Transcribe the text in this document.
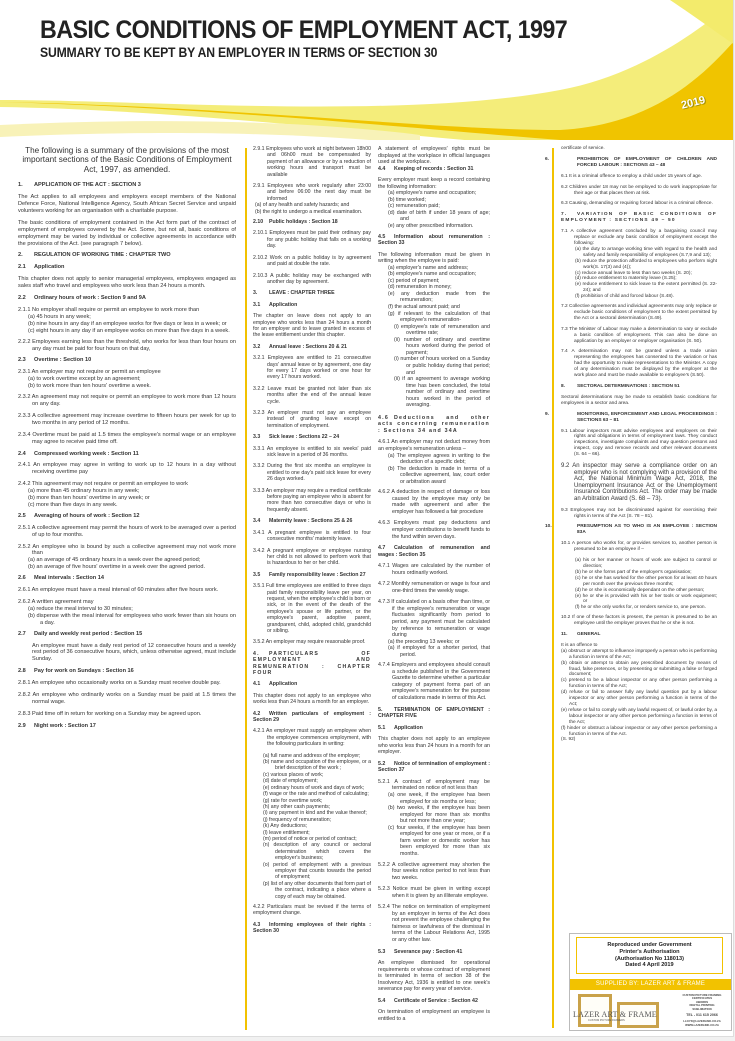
BASIC CONDITIONS OF EMPLOYMENT ACT, 1997
SUMMARY TO BE KEPT BY AN EMPLOYER IN TERMS OF SECTION 30
2019

The following is a summary of the provisions of the most important sections of the Basic Conditions of Employment Act, 1997, as amended.

1. APPLICATION OF THE ACT : SECTION 3

The Act applies to all employees and employers except members of the National Defence Force, National Intelligence Agency, South African Secret Service and unpaid volunteers working for an organisation with a charitable purpose.

The basic conditions of employment contained in the Act form part of the contract of employment of employees covered by the Act. Some, but not all, basic conditions of employment may be varied by individual or collective agreements in accordance with the provisions of the Act. (see paragraph 7 below).

2. REGULATION OF WORKING TIME : CHAPTER TWO
2.1 Application

This chapter does not apply to senior managerial employees, employees engaged as sales staff who travel and employees who work less than 24 hours a month.

2.2 Ordinary hours of work : Section 9 and 9A
2.1.1 No employer shall require or permit an employee to work more than

(a) 45 hours in any week;

(b) nine hours in any day if an employee works for five days or less in a week; or

(c) eight hours in any day if an employee works on more than five days in a week.

2.2.2 Employees earning less than the threshold, who works for less than four hours on any day must be paid for four hours on that day,
2.3 Overtime : Section 10

2.3.1 An employer may not require or permit an employee

(a) to work overtime except by an agreement;

(b) to work more than ten hours' overtime a week.

2.3.2 An agreement may not require or permit an employee to work more than 12 hours on any day.
2.3.3 A collective agreement may increase overtime to fifteen hours per week for up to two months in any period of 12 months.
2.3.4 Overtime must be paid at 1.5 times the employee's normal wage or an employee may agree to receive paid time off.
2.4 Compressed working week : Section 11
2.4.1 An employee may agree in writing to work up to 12 hours in a day without receiving overtime pay
2.4.2 This agreement may not require or permit an employee to work

(a) more than 45 ordinary hours in any week;

(b) more than ten hours' overtime in any week; or

(c) more than five days in any week.

2.5 Averaging of hours of work : Section 12
2.5.1 A collective agreement may permit the hours of work to be averaged over a period of up to four months.
2.5.2 An employee who is bound by such a collective agreement may not work more than

(a) an average of 45 ordinary hours in a week over the agreed period;

(b) an average of five hours' overtime in a week over the agreed period.

2.6 Meal intervals : Section 14
2.6.1 An employee must have a meal interval of 60 minutes after five hours work.
2.6.2 A written agreement may

(a) reduce the meal interval to 30 minutes;

(b) dispense with the meal interval for employees who work fewer than six hours on a day.

2.7 Daily and weekly rest period : Section 15

An employee must have a daily rest period of 12 consecutive hours and a weekly rest period of 36 consecutive hours, which, unless otherwise agreed, must include Sunday.

2.8 Pay for work on Sundays : Section 16
2.8.1 An employee who occasionally works on a Sunday must receive double pay.
2.8.2 An employee who ordinarily works on a Sunday must be paid at 1.5 times the normal wage.
2.8.3 Paid time off in return for working on a Sunday may be agreed upon.
2.9 Night work : Section 17
2.9.1 Employees who work at night between 18h00 and 06h00 must be compensated by payment of an allowance or by a reduction of working hours and transport must be available
2.9.1 Employees who work regularly after 23:00 and before 06:00 the next day must be informed

(a) of any health and safety hazards; and

(b) the right to undergo a medical examination.

2.10 Public holidays : Section 18
2.10.1 Employees must be paid their ordinary pay for any public holiday that falls on a working day.
2.10.2 Work on a public holiday is by agreement and paid at double the rate.
2.10.3 A public holiday may be exchanged with another day by agreement.
3. LEAVE : CHAPTER THREE
3.1 Application

The chapter on leave does not apply to an employee who works less than 24 hours a month for an employer and to leave granted in excess of the leave entitlement under this chapter.

3.2 Annual leave : Sections 20 & 21
3.2.1 Employees are entitled to 21 consecutive days' annual leave or by agreement, one day for every 17 days worked or one hour for every 17 hours worked.
3.2.2 Leave must be granted not later than six months after the end of the annual leave cycle.
3.2.3 An employer must not pay an employee instead of granting leave except on termination of employment.
3.3 Sick leave : Sections 22 – 24
3.3.1 An employee is entitled to six weeks' paid sick leave in a period of 36 months.
3.3.2 During the first six months an employee is entitled to one day's paid sick leave for every 26 days worked.
3.3.3 An employer may require a medical certificate before paying an employee who is absent for more than two consecutive days or who is frequently absent.
3.4 Maternity leave : Sections 25 & 26
3.4.1 A pregnant employee is entitled to four consecutive months' maternity leave.
3.4.2 A pregnant employee or employee nursing her child is not allowed to perform work that is hazardous to her or her child.
3.5 Family responsibility leave : Section 27
3.5.1 Full time employees are entitled to three days paid family responsibility leave per year, on request, when the employee's child is born or sick, or in the event of the death of the employee's spouse or life partner, or the employee's parent, adoptive parent, grandparent, child, adopted child, grandchild or sibling.
3.5.2 An employer may require reasonable proof.
4. PARTICULARS OF EMPLOYMENT AND REMUNERATION : CHAPTER FOUR
4.1 Application

This chapter does not apply to an employee who works less than 24 hours a month for an employer.

4.2 Written particulars of employment : Section 29
4.2.1 An employer must supply an employee when the employee commences employment, with the following particulars in writing:

(a) full name and address of the employer;

(b) name and occupation of the employee, or a brief description of the work ;

(c) various places of work;

(d) date of employment;

(e) ordinary hours of work and days of work;

(f) wage or the rate and method of calculating;

(g) rate for overtime work;

(h) any other cash payments;

(i) any payment in kind and the value thereof;

(j) frequency of remuneration;

(k) Any deductions;

(l) leave entitlement;

(m) period of notice or period of contract;

(n) description of any council or sectoral determination which covers the employer's business;

(o) period of employment with a previous employer that counts towards the period of employment;

(p) list of any other documents that form part of the contract, indicating a place where a copy of each may be obtained.

4.2.2 Particulars must be revised if the terms of employment change.

4.3 Informing employees of their rights : Section 30

A statement of employees' rights must be displayed at the workplace in official languages used at the workplace.

4.4 Keeping of records : Section 31

Every employer must keep a record containing the following information:

(a) employee's name and occupation;

(b) time worked;

(c) remuneration paid;

(d) date of birth if under 18 years of age; and

(e) any other prescribed information.

4.5 Information about remuneration : Section 33

The following information must be given in writing when the employee is paid:

(a) employer's name and address;

(b) employee's name and occupation;

(c) period of payment;

(d) remuneration in money;

(e) any deduction made from the remuneration;

(f) the actual amount paid; and

(g) if relevant to the calculation of that employee's remuneration-

(i) employee's rate of remuneration and overtime rate;

(ii) number of ordinary and overtime hours worked during the period of payment;

(i) number of hours worked on a Sunday or public holiday during that period; and

(ii) if an agreement to average working time has been concluded, the total number of ordinary and overtime hours worked in the period of averaging.

4.6 Deductions and other acts concerning remuneration : Sections 34 and 34A

4.6.1 An employer may not deduct money from an employee's remuneration unless –

(a) The employee agrees in writing to the deduction of a specific debt;

(b) The deduction is made in terms of a collective agreement, law, court order or arbitration award

4.6.2 A deduction in respect of damage or loss caused by the employee may only be made with agreement and after the employer has followed a fair procedure
4.6.3 Employers must pay deductions and employer contributions to benefit funds to the fund within seven days.
4.7 Calculation of remuneration and wages : Section 35
4.7.1 Wages are calculated by the number of hours ordinarily worked.
4.7.2 Monthly remuneration or wage is four and one-third times the weekly wage.
4.7.3 If calculated on a basis other than time, or if the employee's remuneration or wage fluctuates significantly from period to period, any payment must be calculated by reference to remuneration or wage during

(a) the preceding 13 weeks; or

(a) if employed for a shorter period, that period.

4.7.4 Employers and employees should consult a schedule published in the Government Gazette to determine whether a particular category of payment forms part of an employee's remuneration for the purpose of calculations made in terms of this Act.
5. TERMINATION OF EMPLOYMENT : CHAPTER FIVE
5.1 Application

This chapter does not apply to an employee who works less than 24 hours in a month for an employer.

5.2 Notice of termination of employment : Section 37
5.2.1 A contract of employment may be terminated on notice of not less than

(a) one week, if the employee has been employed for six months or less;

(b) two weeks, if the employee has been employed for more than six months but not more than one year;

(c) four weeks, if the employee has been employed for one year or more, or if a farm worker or domestic worker has been employed for more than six months.

5.2.2 A collective agreement may shorten the four weeks notice period to not less than two weeks.
5.2.3 Notice must be given in writing except when it is given by an illiterate employee.
5.2.4 The notice on termination of employment by an employer in terms of the Act does not prevent the employee challenging the fairness or lawfulness of the dismissal in terms of the Labour Relations Act, 1995 or any other law.
5.3 Severance pay : Section 41

An employee dismissed for operational requirements or whose contract of employment is terminated in terms of section 38 of the Insolvency Act, 1936 is entitled to one week's severance pay for every year of service.

5.4 Certificate of Service : Section 42

On termination of employment an employee is entitled to a

certificate of service.

6.	PROHIBITION OF EMPLOYMENT OF CHILDREN AND FORCED LABOUR : SECTIONS 43 – 48
6.1 It is a criminal offence to employ a child under 15 years of age.
6.2 Children under 18 may not be employed to do work inappropriate for their age or that places them at risk.
6.3 Causing, demanding or requiring forced labour is a criminal offence.
7. VARIATION OF BASIC CONDITIONS OF EMPLOYMENT : SECTIONS 49 – 50
7.1 A collective agreement concluded by a bargaining council may replace or exclude any basic condition of employment except the following:

(a) the duty to arrange working time with regard to the health and safety and family responsibility of employees (S.7,9 and 13);

(b) reduce the protection afforded to employees who perform night work(S. 17(3) and (4));

(c) reduce annual leave to less than two weeks (S. 20);

(d) reduce entitlement to maternity leave (S.25);

(e) reduce entitlement to sick leave to the extent permitted (S. 22-24); and

(f) prohibition of child and forced labour (S.48).

7.2 Collective agreements and individual agreements may only replace or exclude basic conditions of employment to the extent permitted by the Act or a sectoral determination (S.49).
7.3 The Minister of Labour may make a determination to vary or exclude a basic condition of employment. This can also be done on application by an employer or employer organisation (S. 50).
7.4 A determination may not be granted unless a trade union representing the employees has consented to the variation or has had the opportunity to make representations to the Minister. A copy of any determination must be displayed by the employer at the work place and must be made available to employee's (S.50).
8. SECTORAL DETERMINATIONS : SECTION 51

Sectoral determinations may be made to establish basic conditions for employees in a sector and area.

9.	MONITORING, ENFORCEMENT AND LEGAL PROCEEDINGS : SECTIONS 63 – 81
9.1 Labour inspectors must advise employees and employers on their rights and obligations in terms of employment laws. They conduct inspections, investigate complaints and may question persons and inspect, copy and remove records and other relevant documents (S. 64 – 66).
9.2 An inspector may serve a compliance order on an employer who is not complying with a provision of the Act, the National Minimum Wage Act, 2018, the Unemployment Insurance Act or the Unemployment Insurance Contributions Act. The order may be made an Arbitration Award (S. 68 – 73).
9.3 Employees may not be discriminated against for exercising their rights in terms of the Act (S. 78 – 81).
10.	PRESUMPTION AS TO WHO IS AN EMPLOYEE : SECTION 83A
10.1 A person who works for, or provides services to, another person is presumed to be an employee if –

(a) his or her manner or hours of work are subject to control or direction;

(b) he or she forms part of the employer's organisation;

(c) he or she has worked for the other person for at least 40 hours per month over the previous three months;

(d) he or she is economically dependant on the other person;

(e) he or she is provided with his or her tools or work equipment; or

(f) he or she only works for, or renders service to, one person.

10.2 If one of these factors is present, the person is presumed to be an employee until the employer proves that he or she is not.
11. GENERAL

It is an offence to

(a) obstruct or attempt to influence improperly a person who is performing a function in terms of the Act;

(b) obtain or attempt to obtain any prescribed document by means of fraud, false pretences, or by presenting or submitting a false or forged document;

(c) pretend to be a labour inspector or any other person performing a function in terms of the Act;

(d) refuse or fail to answer fully any lawful question put by a labour inspector or any other person performing a function in terms of the Act;

(e) refuse or fail to comply with any lawful request of, or lawful order by, a labour inspector or any other person performing a function in terms of the Act;

(f) hinder or obstruct a labour inspector or any other person performing a function in terms of the Act.

(S. 92)

Reproduced under Government
Printer's Authorisation
(Authorisation No 118013)
Dated 4 April 2019
SUPPLIED BY: LAZER ART & FRAME
LAZER ART & FRAME
CUSTOM PICTURE FRAMERS
CUSTOM PICTURE FRAMING
CERTIFICATES
AWARDS
DIGITAL PRINTING
SUBLIMATION
TEL - 011 615 2066
LLOYD@LAZERLINK.CO.ZA
WWW.LAZERLINK.CO.ZA
